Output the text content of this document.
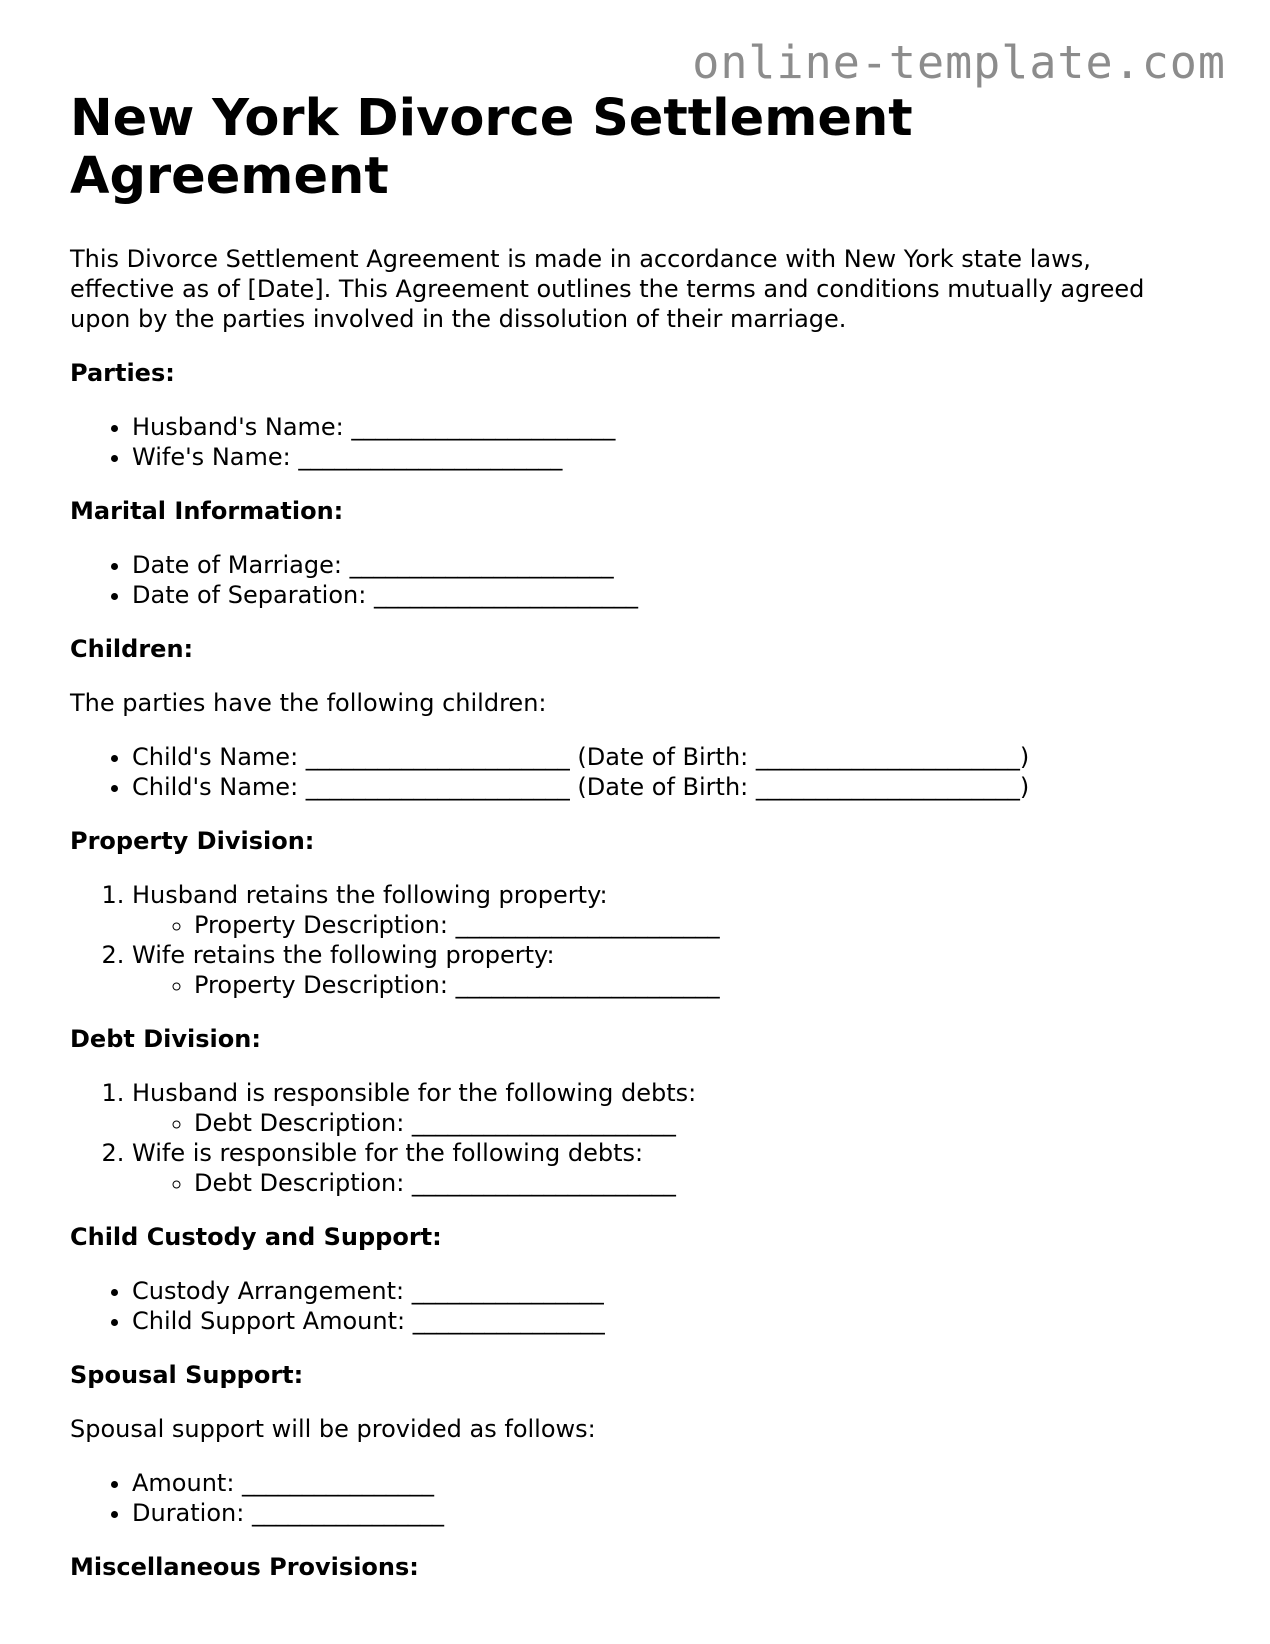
online-template.com
New York Divorce Settlement Agreement

This Divorce Settlement Agreement is made in accordance with New York state laws, effective as of [Date]. This Agreement outlines the terms and conditions mutually agreed upon by the parties involved in the dissolution of their marriage.

Parties:
• Husband's Name: ______________________
• Wife's Name: ______________________
Marital Information:
• Date of Marriage: ______________________
• Date of Separation: ______________________
Children:

The parties have the following children:

• Child's Name: ______________________ (Date of Birth: ______________________)
• Child's Name: ______________________ (Date of Birth: ______________________)
Property Division:
1. Husband retains the following property:
◦ Property Description: ______________________
2. Wife retains the following property:
◦ Property Description: ______________________
Debt Division:
1. Husband is responsible for the following debts:
◦ Debt Description: ______________________
2. Wife is responsible for the following debts:
◦ Debt Description: ______________________
Child Custody and Support:
• Custody Arrangement: ________________
• Child Support Amount: ________________
Spousal Support:

Spousal support will be provided as follows:

• Amount: ________________
• Duration: ________________
Miscellaneous Provisions:
